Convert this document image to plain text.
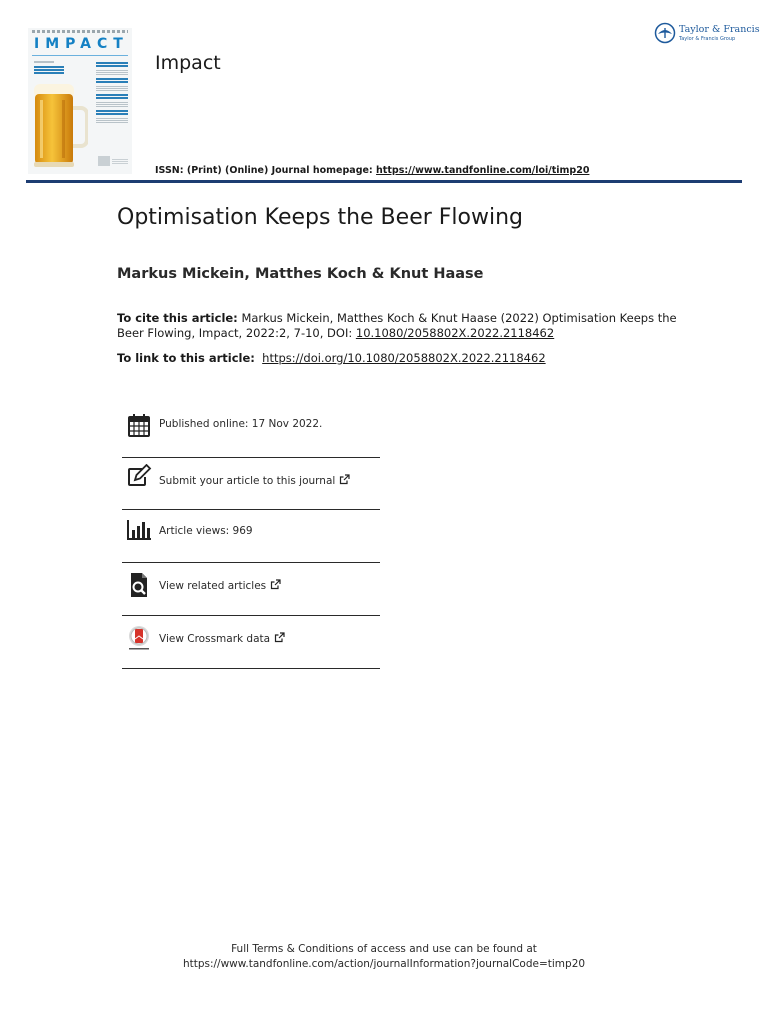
IMPACT
Impact
Taylor & Francis
Taylor & Francis Group
ISSN: (Print) (Online) Journal homepage: https://www.tandfonline.com/loi/timp20
Optimisation Keeps the Beer Flowing
Markus Mickein, Matthes Koch & Knut Haase
To cite this article: Markus Mickein, Matthes Koch & Knut Haase (2022) Optimisation Keeps the Beer Flowing, Impact, 2022:2, 7-10, DOI: 10.1080/2058802X.2022.2118462
To link to this article: https://doi.org/10.1080/2058802X.2022.2118462
Published online: 17 Nov 2022.
Submit your article to this journal
Article views: 969
View related articles
View Crossmark data
Full Terms & Conditions of access and use can be found at
https://www.tandfonline.com/action/journalInformation?journalCode=timp20
